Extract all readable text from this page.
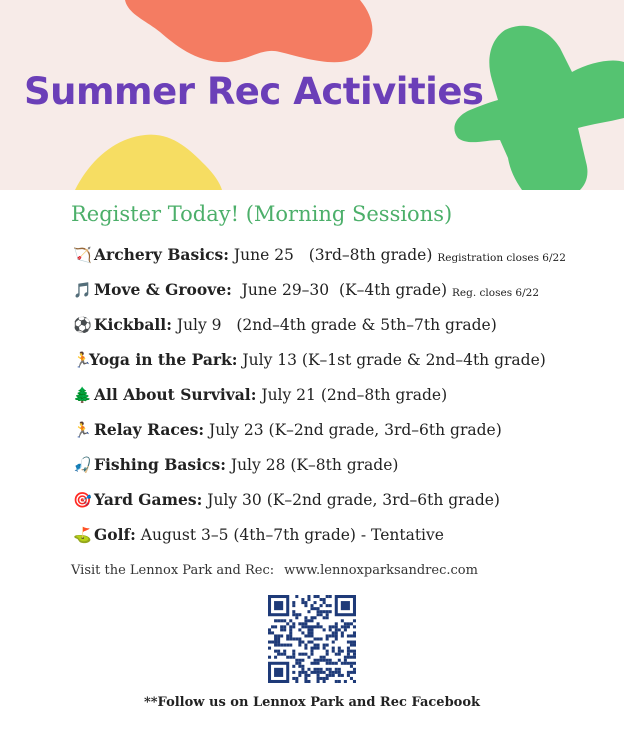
Summer Rec Activities
Register Today! (Morning Sessions)
🏹 Archery Basics: June 25   (3rd–8th grade) Registration closes 6/22
🎵 Move & Groove: June 29–30  (K–4th grade) Reg. closes 6/22
⚽ Kickball: July 9   (2nd–4th grade & 5th–7th grade)
🏃
Yoga in the Park: July 13 (K–1st grade & 2nd–4th grade)
🌲 All About Survival: July 21 (2nd–8th grade)
🏃 Relay Races: July 23 (K–2nd grade, 3rd–6th grade)
🎣 Fishing Basics: July 28 (K–8th grade)
🎯 Yard Games: July 30 (K–2nd grade, 3rd–6th grade)
⛳ Golf: August 3–5 (4th–7th grade) - Tentative

Visit the Lennox Park and Rec: www.lennoxparksandrec.com

**Follow us on Lennox Park and Rec Facebook
